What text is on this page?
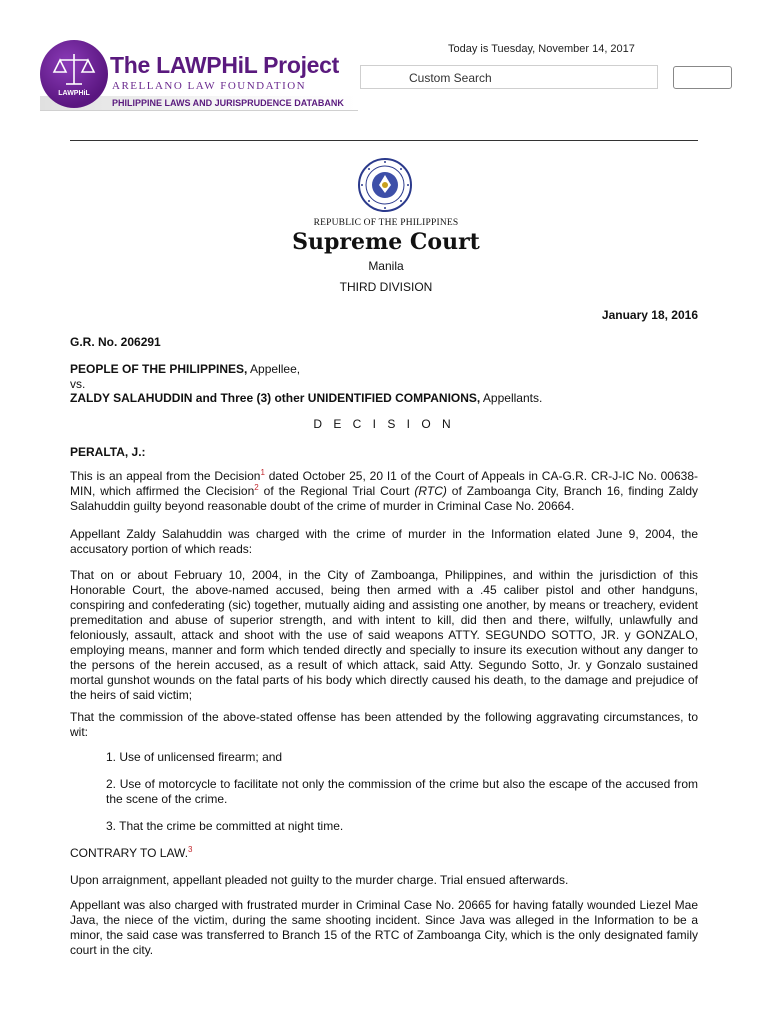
LAWPHiL
The LAWPHiL Project
ARELLANO LAW FOUNDATION
PHILIPPINE LAWS AND JURISPRUDENCE DATABANK
Today is Tuesday, November 14, 2017
Custom Search
REPUBLIC OF THE PHILIPPINES
Supreme Court
Manila
THIRD DIVISION
January 18, 2016
G.R. No. 206291
PEOPLE OF THE PHILIPPINES, Appellee,
vs.
ZALDY SALAHUDDIN and Three (3) other UNIDENTIFIED COMPANIONS, Appellants.
D E C I S I O N
PERALTA, J.:
This is an appeal from the Decision$^1$ dated October 25, 20 I1 of the Court of Appeals in CA-G.R. CR-J-IC No. 00638-MIN, which affirmed the Clecision$^2$ of the Regional Trial Court (RTC) of Zamboanga City, Branch 16, finding Zaldy Salahuddin guilty beyond reasonable doubt of the crime of murder in Criminal Case No. 20664.
Appellant Zaldy Salahuddin was charged with the crime of murder in the Information elated June 9, 2004, the accusatory portion of which reads:
That on or about February 10, 2004, in the City of Zamboanga, Philippines, and within the jurisdiction of this Honorable Court, the above-named accused, being then armed with a .45 caliber pistol and other handguns, conspiring and confederating (sic) together, mutually aiding and assisting one another, by means or treachery, evident premeditation and abuse of superior strength, and with intent to kill, did then and there, wilfully, unlawfully and feloniously, assault, attack and shoot with the use of said weapons ATTY. SEGUNDO SOTTO, JR. y GONZALO, employing means, manner and form which tended directly and specially to insure its execution without any danger to the persons of the herein accused, as a result of which attack, said Atty. Segundo Sotto, Jr. y Gonzalo sustained mortal gunshot wounds on the fatal parts of his body which directly caused his death, to the damage and prejudice of the heirs of said victim;
That the commission of the above-stated offense has been attended by the following aggravating circumstances, to wit:
1. Use of unlicensed firearm; and
2. Use of motorcycle to facilitate not only the commission of the crime but also the escape of the accused from the scene of the crime.
3. That the crime be committed at night time.
CONTRARY TO LAW.$^3$
Upon arraignment, appellant pleaded not guilty to the murder charge. Trial ensued afterwards.
Appellant was also charged with frustrated murder in Criminal Case No. 20665 for having fatally wounded Liezel Mae Java, the niece of the victim, during the same shooting incident. Since Java was alleged in the Information to be a minor, the said case was transferred to Branch 15 of the RTC of Zamboanga City, which is the only designated family court in the city.
